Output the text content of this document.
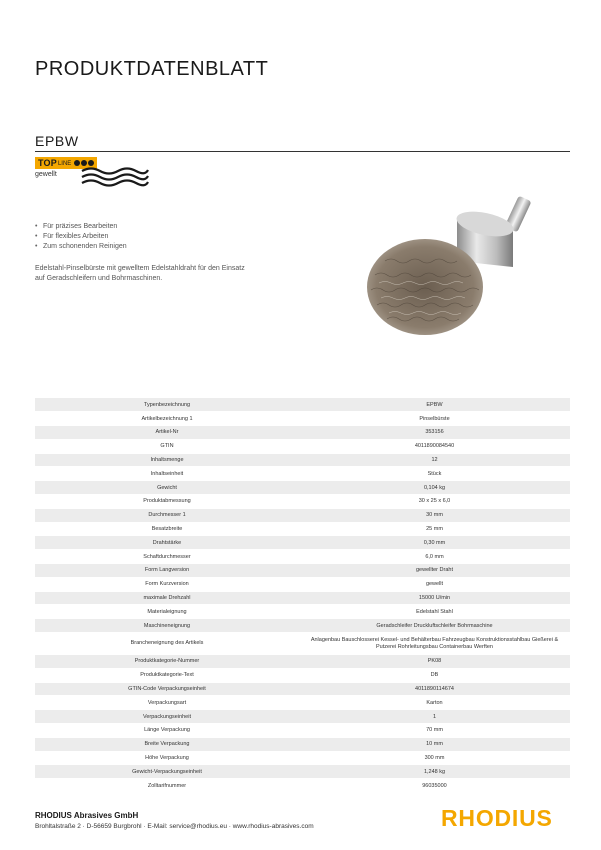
PRODUKTDATENBLATT
EPBW
TOP LINE
gewellt
• Für präzises Bearbeiten
• Für flexibles Arbeiten
• Zum schonenden Reinigen

Edelstahl-Pinselbürste mit gewelltem Edelstahldraht für den Einsatz auf Geradschleifern und Bohrmaschinen.

Typenbezeichnung	EPBW
Artikelbezeichnung 1	Pinselbürste
Artikel-Nr	353156
GTIN	4011890084540
Inhaltsmenge	12
Inhaltseinheit	Stück
Gewicht	0,104 kg
Produktabmessung	30 x 25 x 6,0
Durchmesser 1	30 mm
Besatzbreite	25 mm
Drahtstärke	0,30 mm
Schaftdurchmesser	6,0 mm
Form Langversion	gewellter Draht
Form Kurzversion	gewellt
maximale Drehzahl	15000 U/min
Materialeignung	Edelstahl Stahl
Maschineneignung	Geradschleifer Druckluftschleifer Bohrmaschine
Brancheneignung des Artikels	Anlagenbau Bauschlosserei Kessel- und Behälterbau Fahrzeugbau Konstruktionsstahlbau Gießerei & Putzerei Rohrleitungsbau Containerbau Werften
Produktkategorie-Nummer	PK08
Produktkategorie-Text	DB
GTIN-Code Verpackungseinheit	4011890114674
Verpackungsart	Karton
Verpackungseinheit	1
Länge Verpackung	70 mm
Breite Verpackung	10 mm
Höhe Verpackung	300 mm
Gewicht-Verpackungseinheit	1,248 kg
Zolltarifnummer	96035000
RHODIUS Abrasives GmbH
Brohltalstraße 2 · D-56659 Burgbrohl · E-Mail: service@rhodius.eu · www.rhodius-abrasives.com	RHODIUS
